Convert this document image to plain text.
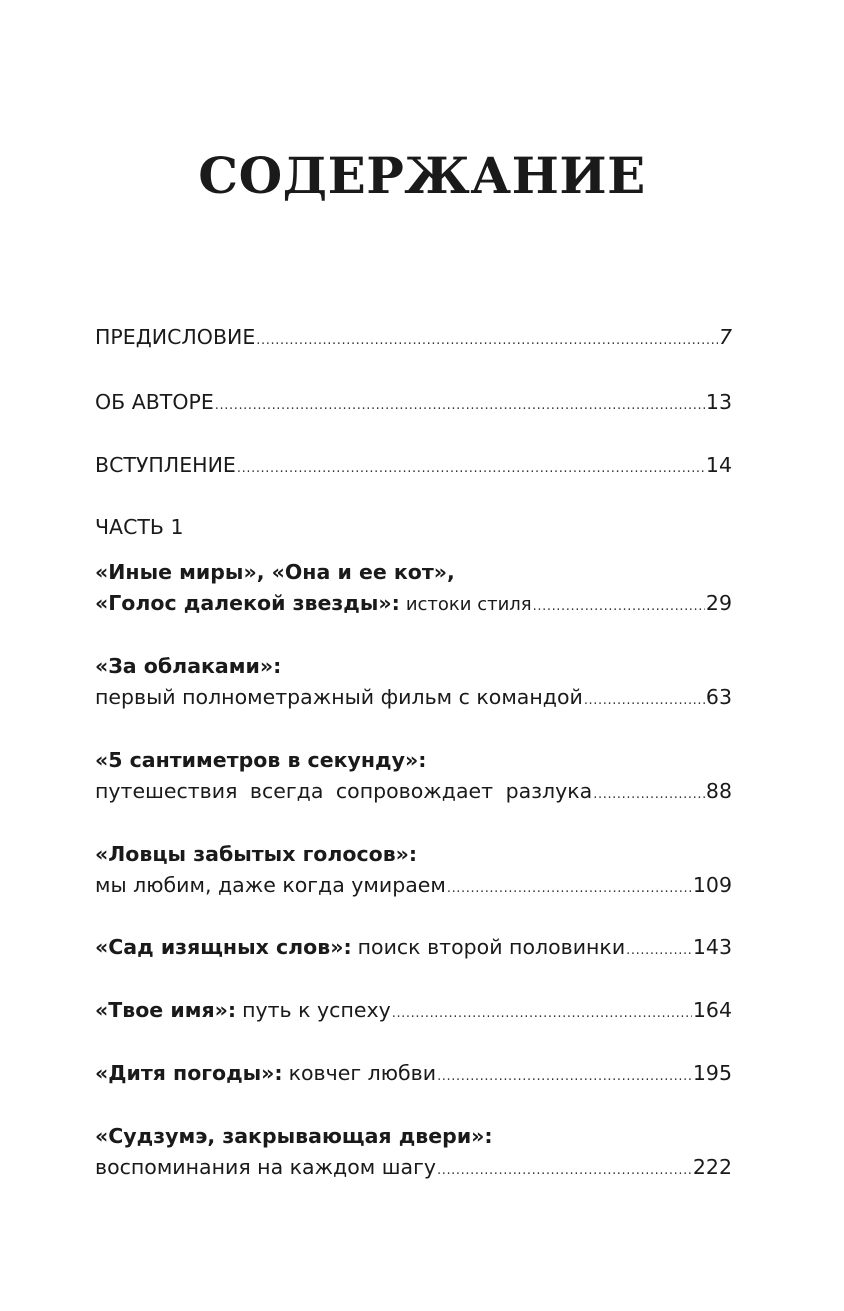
СОДЕРЖАНИЕ
ПРЕДИСЛОВИЕ .....	7
ОБ АВТОРЕ .....	13
ВСТУПЛЕНИЕ .....	14
ЧАСТЬ 1
«Иные миры», «Она и ее кот»,
«Голос далекой звезды»: истоки стиля .....	29
«За облаками»:
первый полнометражный фильм с командой .....	63
«5 сантиметров в секунду»:
путешествия всегда сопровождает разлука .....	88
«Ловцы забытых голосов»:
мы любим, даже когда умираем .....	109
«Сад изящных слов»: поиск второй половинки .....	143
«Твое имя»: путь к успеху .....	164
«Дитя погоды»: ковчег любви .....	195
«Судзумэ, закрывающая двери»:
воспоминания на каждом шагу .....	222
